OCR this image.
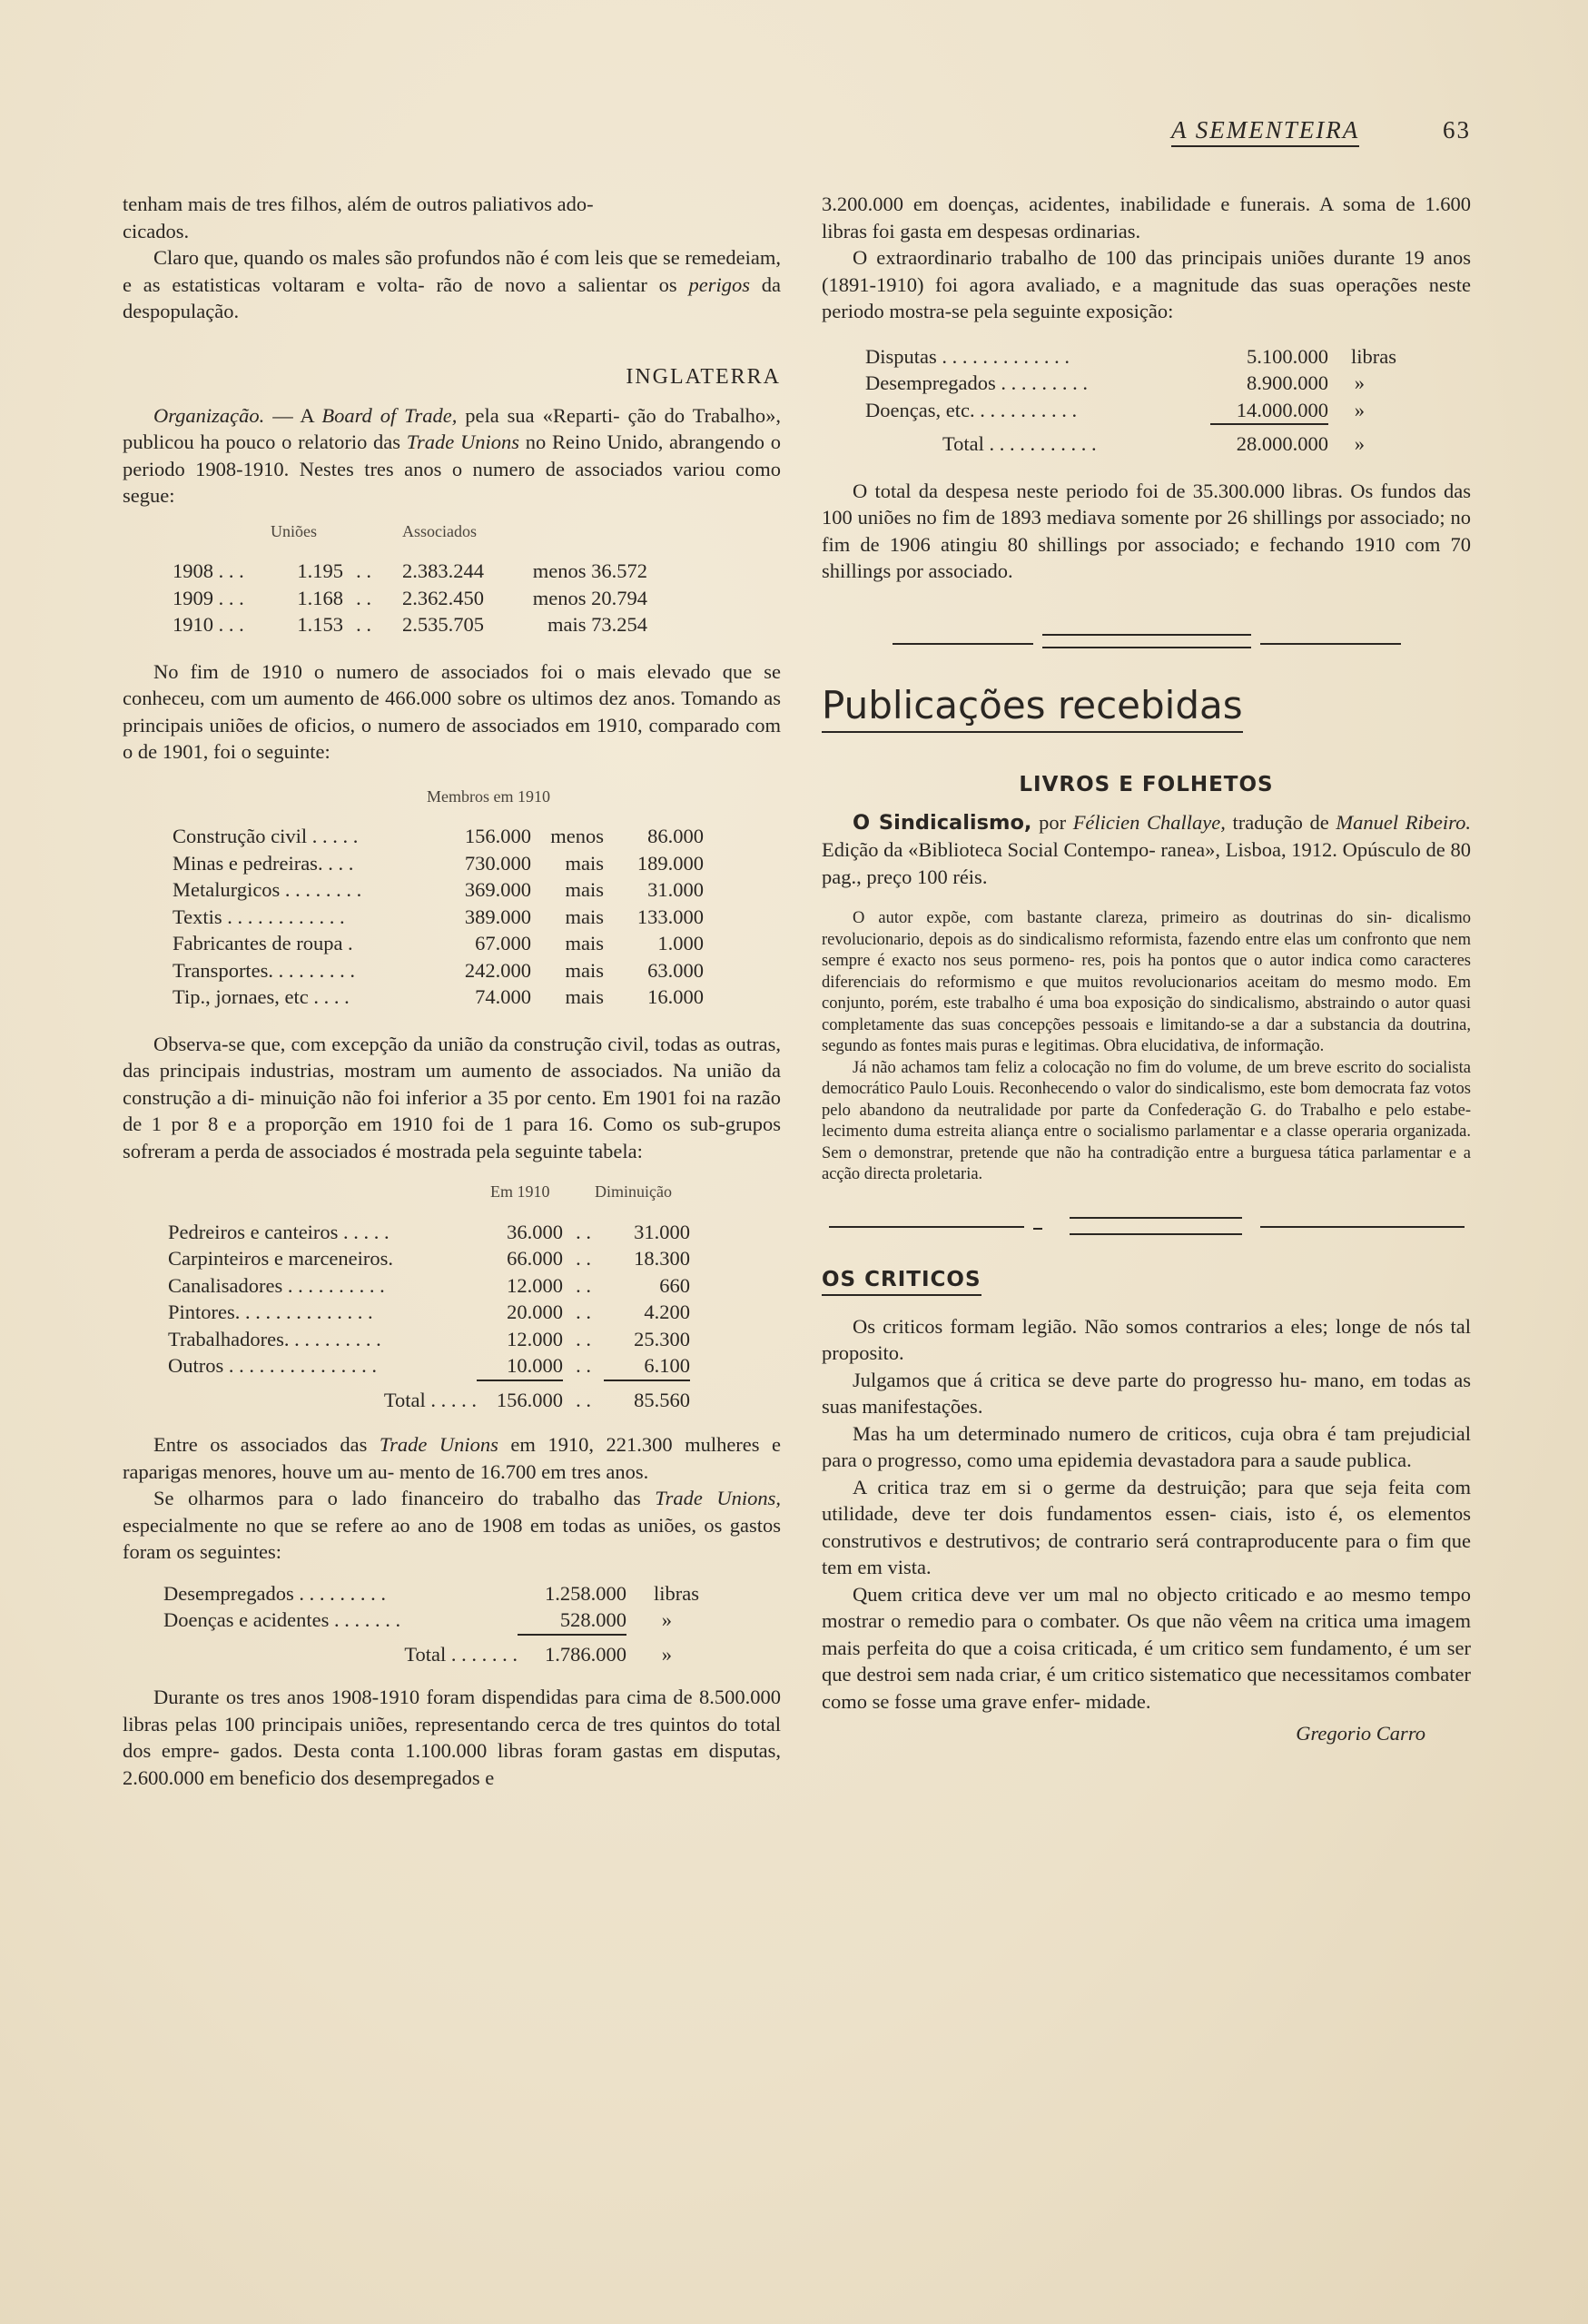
A SEMENTEIRA	63

tenham mais de tres filhos, além de outros paliativos ado-

cicados.

Claro que, quando os males são profundos não é com leis que se remedeiam, e as estatisticas voltaram e volta- rão de novo a salientar os perigos da despopulação.

INGLATERRA

Organização. — A Board of Trade, pela sua «Reparti- ção do Trabalho», publicou ha pouco o relatorio das Trade Unions no Reino Unido, abrangendo o periodo 1908-1910. Nestes tres anos o numero de associados variou como segue:

Uniões	Associados
1908 . . .	1.195 . .	2.383.244	menos 36.572
1909 . . .	1.168 . .	2.362.450	menos 20.794
1910 . . .	1.153 . .	2.535.705	mais 73.254

No fim de 1910 o numero de associados foi o mais elevado que se conheceu, com um aumento de 466.000 sobre os ultimos dez anos. Tomando as principais uniões de oficios, o numero de associados em 1910, comparado com o de 1901, foi o seguinte:

Membros em 1910
Construção civil . . . . .	156.000 menos	86.000
Minas e pedreiras. . . .	730.000	mais	189.000
Metalurgicos . . . . . . . .	369.000	mais	31.000
Textis . . . . . . . . . . . .	389.000	mais	133.000
Fabricantes de roupa .	67.000	mais	1.000
Transportes. . . . . . . . .	242.000	mais	63.000
Tip., jornaes, etc . . . .	74.000	mais	16.000

Observa-se que, com excepção da união da construção civil, todas as outras, das principais industrias, mostram um aumento de associados. Na união da construção a di- minuição não foi inferior a 35 por cento. Em 1901 foi na razão de 1 por 8 e a proporção em 1910 foi de 1 para 16. Como os sub-grupos sofreram a perda de associados é mostrada pela seguinte tabela:

Em 1910	Diminuição
Pedreiros e canteiros . . . . .	36.000 . .	31.000
Carpinteiros e marceneiros.	66.000 . .	18.300
Canalisadores . . . . . . . . . .	12.000 . .	660
Pintores. . . . . . . . . . . . . .	20.000 . .	4.200
Trabalhadores. . . . . . . . . .	12.000 . .	25.300
Outros . . . . . . . . . . . . . . .	10.000 . .	6.100
Total . . . . . 156.000 . .	85.560

Entre os associados das Trade Unions em 1910, 221.300 mulheres e raparigas menores, houve um au- mento de 16.700 em tres anos.

Se olharmos para o lado financeiro do trabalho das Trade Unions, especialmente no que se refere ao ano de 1908 em todas as uniões, os gastos foram os seguintes:

Desempregados . . . . . . . . .	1.258.000	libras
Doenças e acidentes . . . . . . .	528.000	»
Total . . . . . . .	1.786.000	»

Durante os tres anos 1908-1910 foram dispendidas para cima de 8.500.000 libras pelas 100 principais uniões, representando cerca de tres quintos do total dos empre- gados. Desta conta 1.100.000 libras foram gastas em disputas, 2.600.000 em beneficio dos desempregados e

3.200.000 em doenças, acidentes, inabilidade e funerais. A soma de 1.600 libras foi gasta em despesas ordinarias.

O extraordinario trabalho de 100 das principais uniões durante 19 anos (1891-1910) foi agora avaliado, e a magnitude das suas operações neste periodo mostra-se pela seguinte exposição:

Disputas . . . . . . . . . . . . .	5.100.000	libras
Desempregados . . . . . . . . .	8.900.000	»
Doenças, etc. . . . . . . . . . .	14.000.000	»
Total . . . . . . . . . . .	28.000.000	»

O total da despesa neste periodo foi de 35.300.000 libras. Os fundos das 100 uniões no fim de 1893 mediava somente por 26 shillings por associado; no fim de 1906 atingiu 80 shillings por associado; e fechando 1910 com 70 shillings por associado.

Publicações recebidas
LIVROS E FOLHETOS

O Sindicalismo, por Félicien Challaye, tradução de Manuel Ribeiro. Edição da «Biblioteca Social Contempo- ranea», Lisboa, 1912. Opúsculo de 80 pag., preço 100 réis.

O autor expõe, com bastante clareza, primeiro as doutrinas do sin- dicalismo revolucionario, depois as do sindicalismo reformista, fazendo entre elas um confronto que nem sempre é exacto nos seus pormeno- res, pois ha pontos que o autor indica como caracteres diferenciais do reformismo e que muitos revolucionarios aceitam do mesmo modo. Em conjunto, porém, este trabalho é uma boa exposição do sindicalismo, abstraindo o autor quasi completamente das suas concepções pessoais e limitando-se a dar a substancia da doutrina, segundo as fontes mais puras e legitimas. Obra elucidativa, de informação.

Já não achamos tam feliz a colocação no fim do volume, de um breve escrito do socialista democrático Paulo Louis. Reconhecendo o valor do sindicalismo, este bom democrata faz votos pelo abandono da neutralidade por parte da Confederação G. do Trabalho e pelo estabe- lecimento duma estreita aliança entre o socialismo parlamentar e a classe operaria organizada. Sem o demonstrar, pretende que não ha contradição entre a burguesa tática parlamentar e a acção directa proletaria.

OS CRITICOS

Os criticos formam legião. Não somos contrarios a eles; longe de nós tal proposito.

Julgamos que á critica se deve parte do progresso hu- mano, em todas as suas manifestações.

Mas ha um determinado numero de criticos, cuja obra é tam prejudicial para o progresso, como uma epidemia devastadora para a saude publica.

A critica traz em si o germe da destruição; para que seja feita com utilidade, deve ter dois fundamentos essen- ciais, isto é, os elementos construtivos e destrutivos; de contrario será contraproducente para o fim que tem em vista.

Quem critica deve ver um mal no objecto criticado e ao mesmo tempo mostrar o remedio para o combater. Os que não vêem na critica uma imagem mais perfeita do que a coisa criticada, é um critico sem fundamento, é um ser que destroi sem nada criar, é um critico sistematico que necessitamos combater como se fosse uma grave enfer- midade.

Gregorio Carro
